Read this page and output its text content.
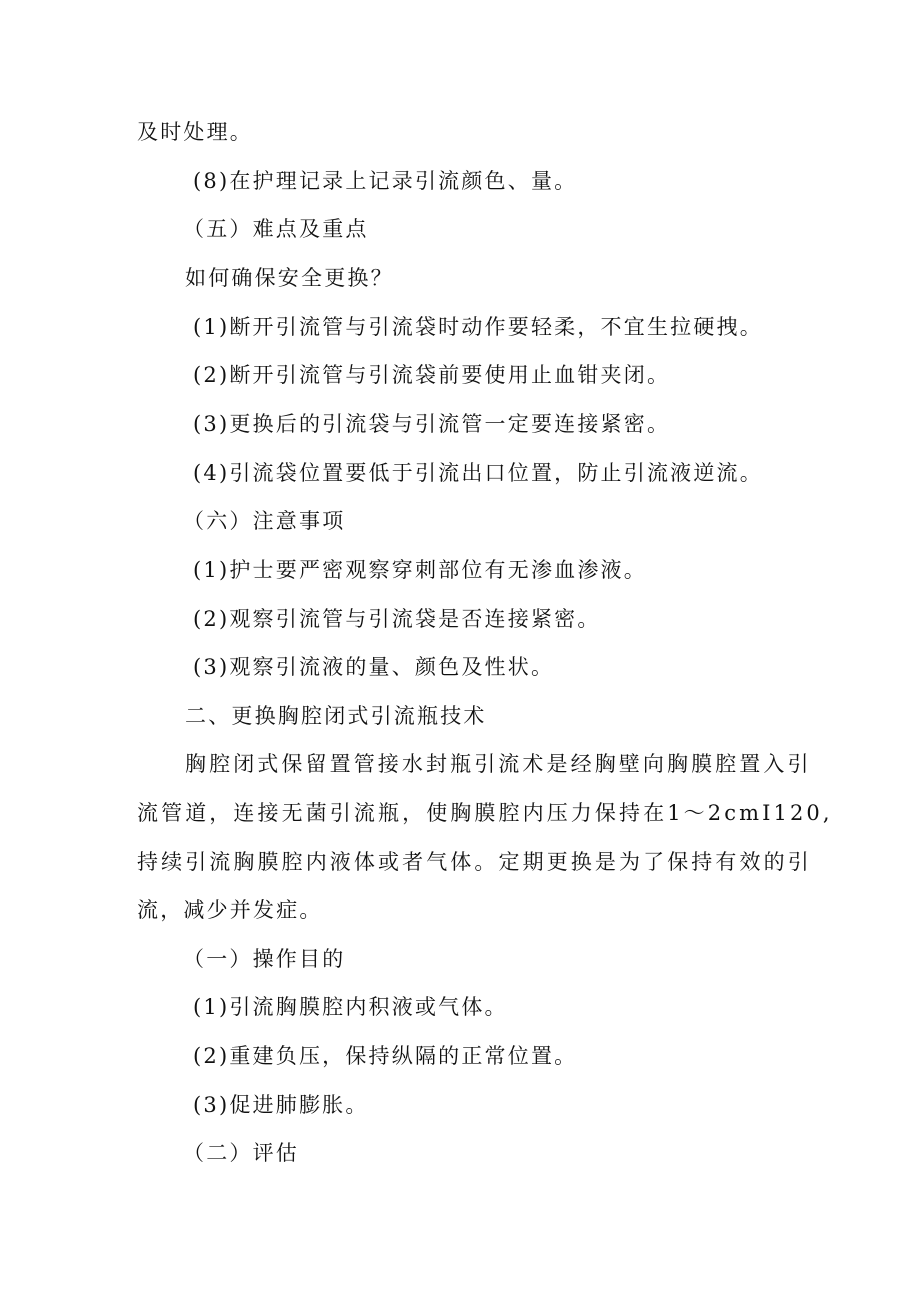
及时处理。
(8)在护理记录上记录引流颜色、量。
（五）难点及重点
如何确保安全更换？
(1)断开引流管与引流袋时动作要轻柔，不宜生拉硬拽。
(2)断开引流管与引流袋前要使用止血钳夹闭。
(3)更换后的引流袋与引流管一定要连接紧密。
(4)引流袋位置要低于引流出口位置，防止引流液逆流。
（六）注意事项
(1)护士要严密观察穿刺部位有无渗血渗液。
(2)观察引流管与引流袋是否连接紧密。
(3)观察引流液的量、颜色及性状。
二、更换胸腔闭式引流瓶技术
胸腔闭式保留置管接水封瓶引流术是经胸壁向胸膜腔置入引
流管道，连接无菌引流瓶，使胸膜腔内压力保持在1～2cmI120,
持续引流胸膜腔内液体或者气体。定期更换是为了保持有效的引
流，减少并发症。
（一）操作目的
(1)引流胸膜腔内积液或气体。
(2)重建负压，保持纵隔的正常位置。
(3)促进肺膨胀。
（二）评估
